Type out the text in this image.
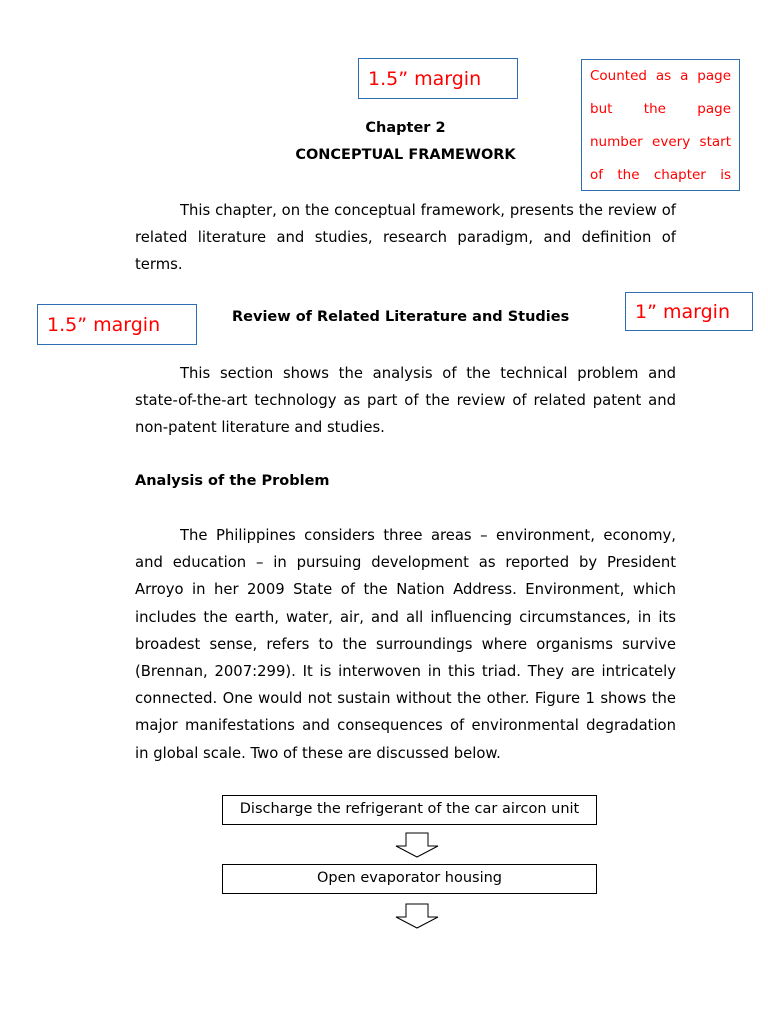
1.5” margin	Counted as a page but the page number every start of the chapter is
1.5” margin
1” margin
Chapter 2
CONCEPTUAL FRAMEWORK

This chapter, on the conceptual framework, presents the review of related literature and studies, research paradigm, and definition of terms.

Review of Related Literature and Studies

This section shows the analysis of the technical problem and state-of-the-art technology as part of the review of related patent and non-patent literature and studies.

Analysis of the Problem

The Philippines considers three areas – environment, economy, and education – in pursuing development as reported by President Arroyo in her 2009 State of the Nation Address. Environment, which includes the earth, water, air, and all influencing circumstances, in its broadest sense, refers to the surroundings where organisms survive (Brennan, 2007:299). It is interwoven in this triad. They are intricately connected. One would not sustain without the other. Figure 1 shows the major manifestations and consequences of environmental degradation in global scale. Two of these are discussed below.

Discharge the refrigerant of the car aircon unit
Open evaporator housing
